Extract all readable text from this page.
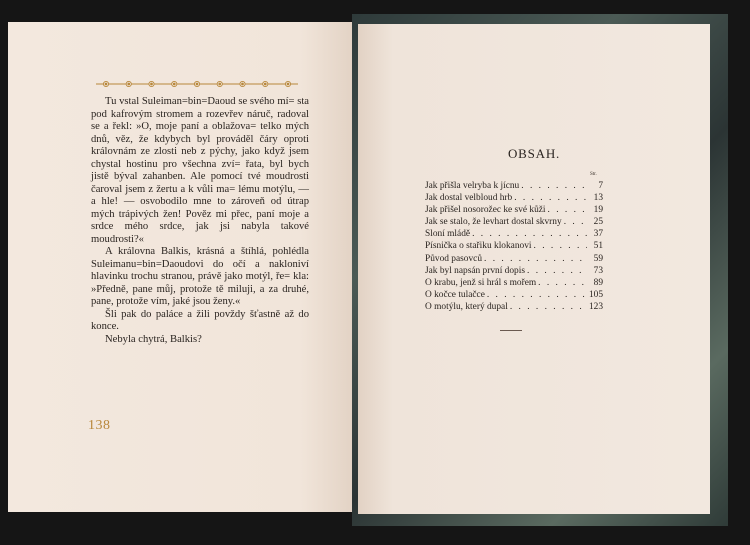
Tu vstal Suleiman=bin=Daoud se svého mí= sta pod kafrovým stromem a rozevřev náruč, radoval se a řekl: »O, moje paní a oblažova= telko mých dnů, věz, že kdybych byl prováděl čáry oproti královnám ze zlosti neb z pýchy, jako když jsem chystal hostinu pro všechna zví= řata, byl bych jistě býval zahanben. Ale pomocí tvé moudrosti čaroval jsem z žertu a k vůli ma= lému motýlu, — a hle! — osvobodilo mne to zároveň od útrap mých trápivých žen! Pověz mi přec, paní moje a srdce mého srdce, jak jsi nabyla takové moudrosti?«

A královna Balkis, krásná a štíhlá, pohlédla Suleimanu=bin=Daoudovi do očí a nakloniví hlavinku trochu stranou, právě jako motýl, ře= kla: »Předně, pane můj, protože tě miluji, a za druhé, pane, protože vím, jaké jsou ženy.«

Šli pak do paláce a žili povždy šťastně až do konce.

Nebyla chytrá, Balkis?

138
OBSAH.
Str.
Jak přišla velryba k jícnu . . .	7
Jak dostal velbloud hrb . . .	13
Jak přišel nosorožec ke své kůži . . .	19
Jak se stalo, že levhart dostal skvrny . . .	25
Sloní mládě . . .	37
Písnička o stařiku klokanovi . . .	51
Původ pasovců . . .	59
Jak byl napsán první dopis . . .	73
O krabu, jenž si hrál s mořem . . .	89
O kočce tulačce . . .	105
O motýlu, který dupal . . .	123
